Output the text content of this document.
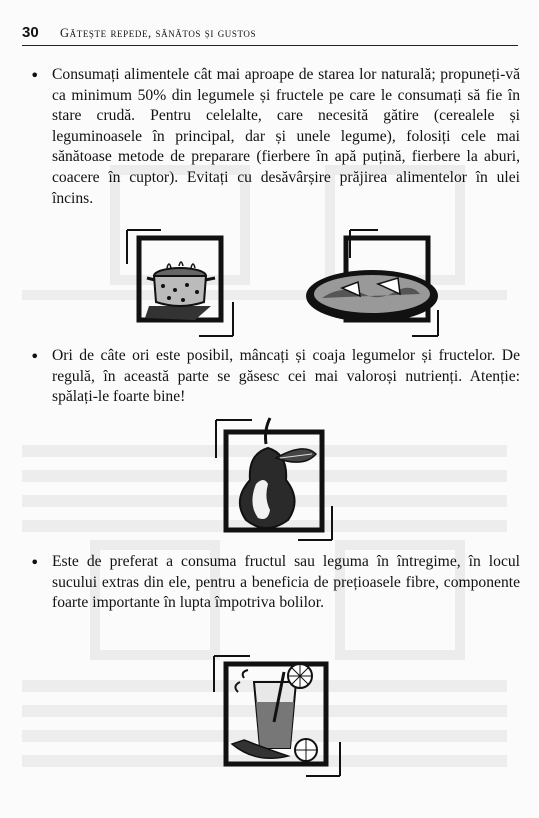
30 Gătește repede, sănătos și gustos
• Consumați alimentele cât mai aproape de starea lor naturală; propuneți-vă ca minimum 50% din legumele și fructele pe care le consumați să fie în stare crudă. Pentru celelalte, care necesită gătire (cerealele și leguminoasele în principal, dar și unele legume), folosiți cele mai sănătoase metode de preparare (fierbere în apă puțină, fierbere la aburi, coacere în cuptor). Evitați cu desăvârșire prăjirea alimentelor în ulei încins.
• Ori de câte ori este posibil, mâncați și coaja legumelor și fructelor. De regulă, în această parte se găsesc cei mai valoroși nutrienți. Atenție: spălați-le foarte bine!
• Este de preferat a consuma fructul sau leguma în întregime, în locul sucului extras din ele, pentru a beneficia de prețioasele fibre, componente foarte importante în lupta împotriva bolilor.
